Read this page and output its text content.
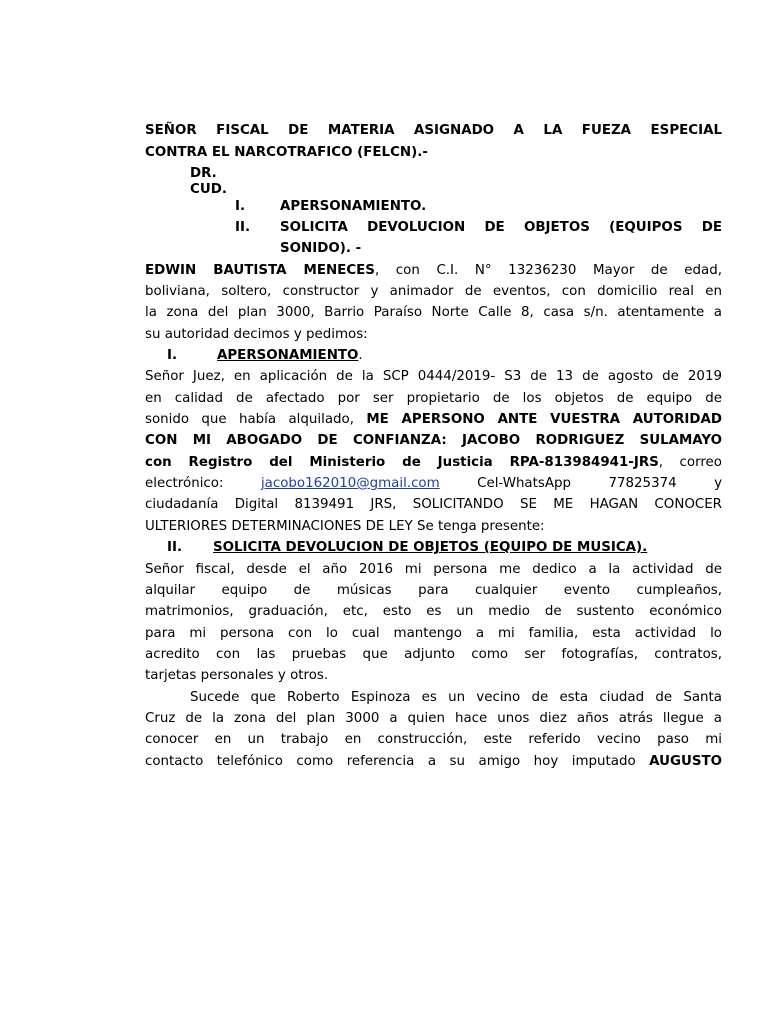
SEÑOR FISCAL DE MATERIA ASIGNADO A LA FUEZA ESPECIAL
CONTRA EL NARCOTRAFICO (FELCN).-
DR.
CUD.
I.	APERSONAMIENTO.
II.	SOLICITA DEVOLUCION DE OBJETOS (EQUIPOS DE
SONIDO). -
EDWIN BAUTISTA MENECES, con C.I. N° 13236230 Mayor de edad,
boliviana, soltero, constructor y animador de eventos, con domicilio real en
la zona del plan 3000, Barrio Paraíso Norte Calle 8, casa s/n. atentamente a
su autoridad decimos y pedimos:
I.	APERSONAMIENTO.
Señor Juez, en aplicación de la SCP 0444/2019- S3 de 13 de agosto de 2019
en calidad de afectado por ser propietario de los objetos de equipo de
sonido que había alquilado, ME APERSONO ANTE VUESTRA AUTORIDAD
CON MI ABOGADO DE CONFIANZA: JACOBO RODRIGUEZ SULAMAYO
con Registro del Ministerio de Justicia RPA-813984941-JRS, correo
electrónico:	jacobo162010@gmail.com	Cel-WhatsApp	77825374	y
ciudadanía Digital 8139491 JRS, SOLICITANDO SE ME HAGAN CONOCER
ULTERIORES DETERMINACIONES DE LEY Se tenga presente:
II.	SOLICITA DEVOLUCION DE OBJETOS (EQUIPO DE MUSICA).
Señor fiscal, desde el año 2016 mi persona me dedico a la actividad de
alquilar equipo de músicas para cualquier evento cumpleaños,
matrimonios, graduación, etc, esto es un medio de sustento económico
para mi persona con lo cual mantengo a mi familia, esta actividad lo
acredito con las pruebas que adjunto como ser fotografías, contratos,
tarjetas personales y otros.
Sucede que Roberto Espinoza es un vecino de esta ciudad de Santa
Cruz de la zona del plan 3000 a quien hace unos diez años atrás llegue a
conocer en un trabajo en construcción, este referido vecino paso mi
contacto telefónico como referencia a su amigo hoy imputado AUGUSTO
